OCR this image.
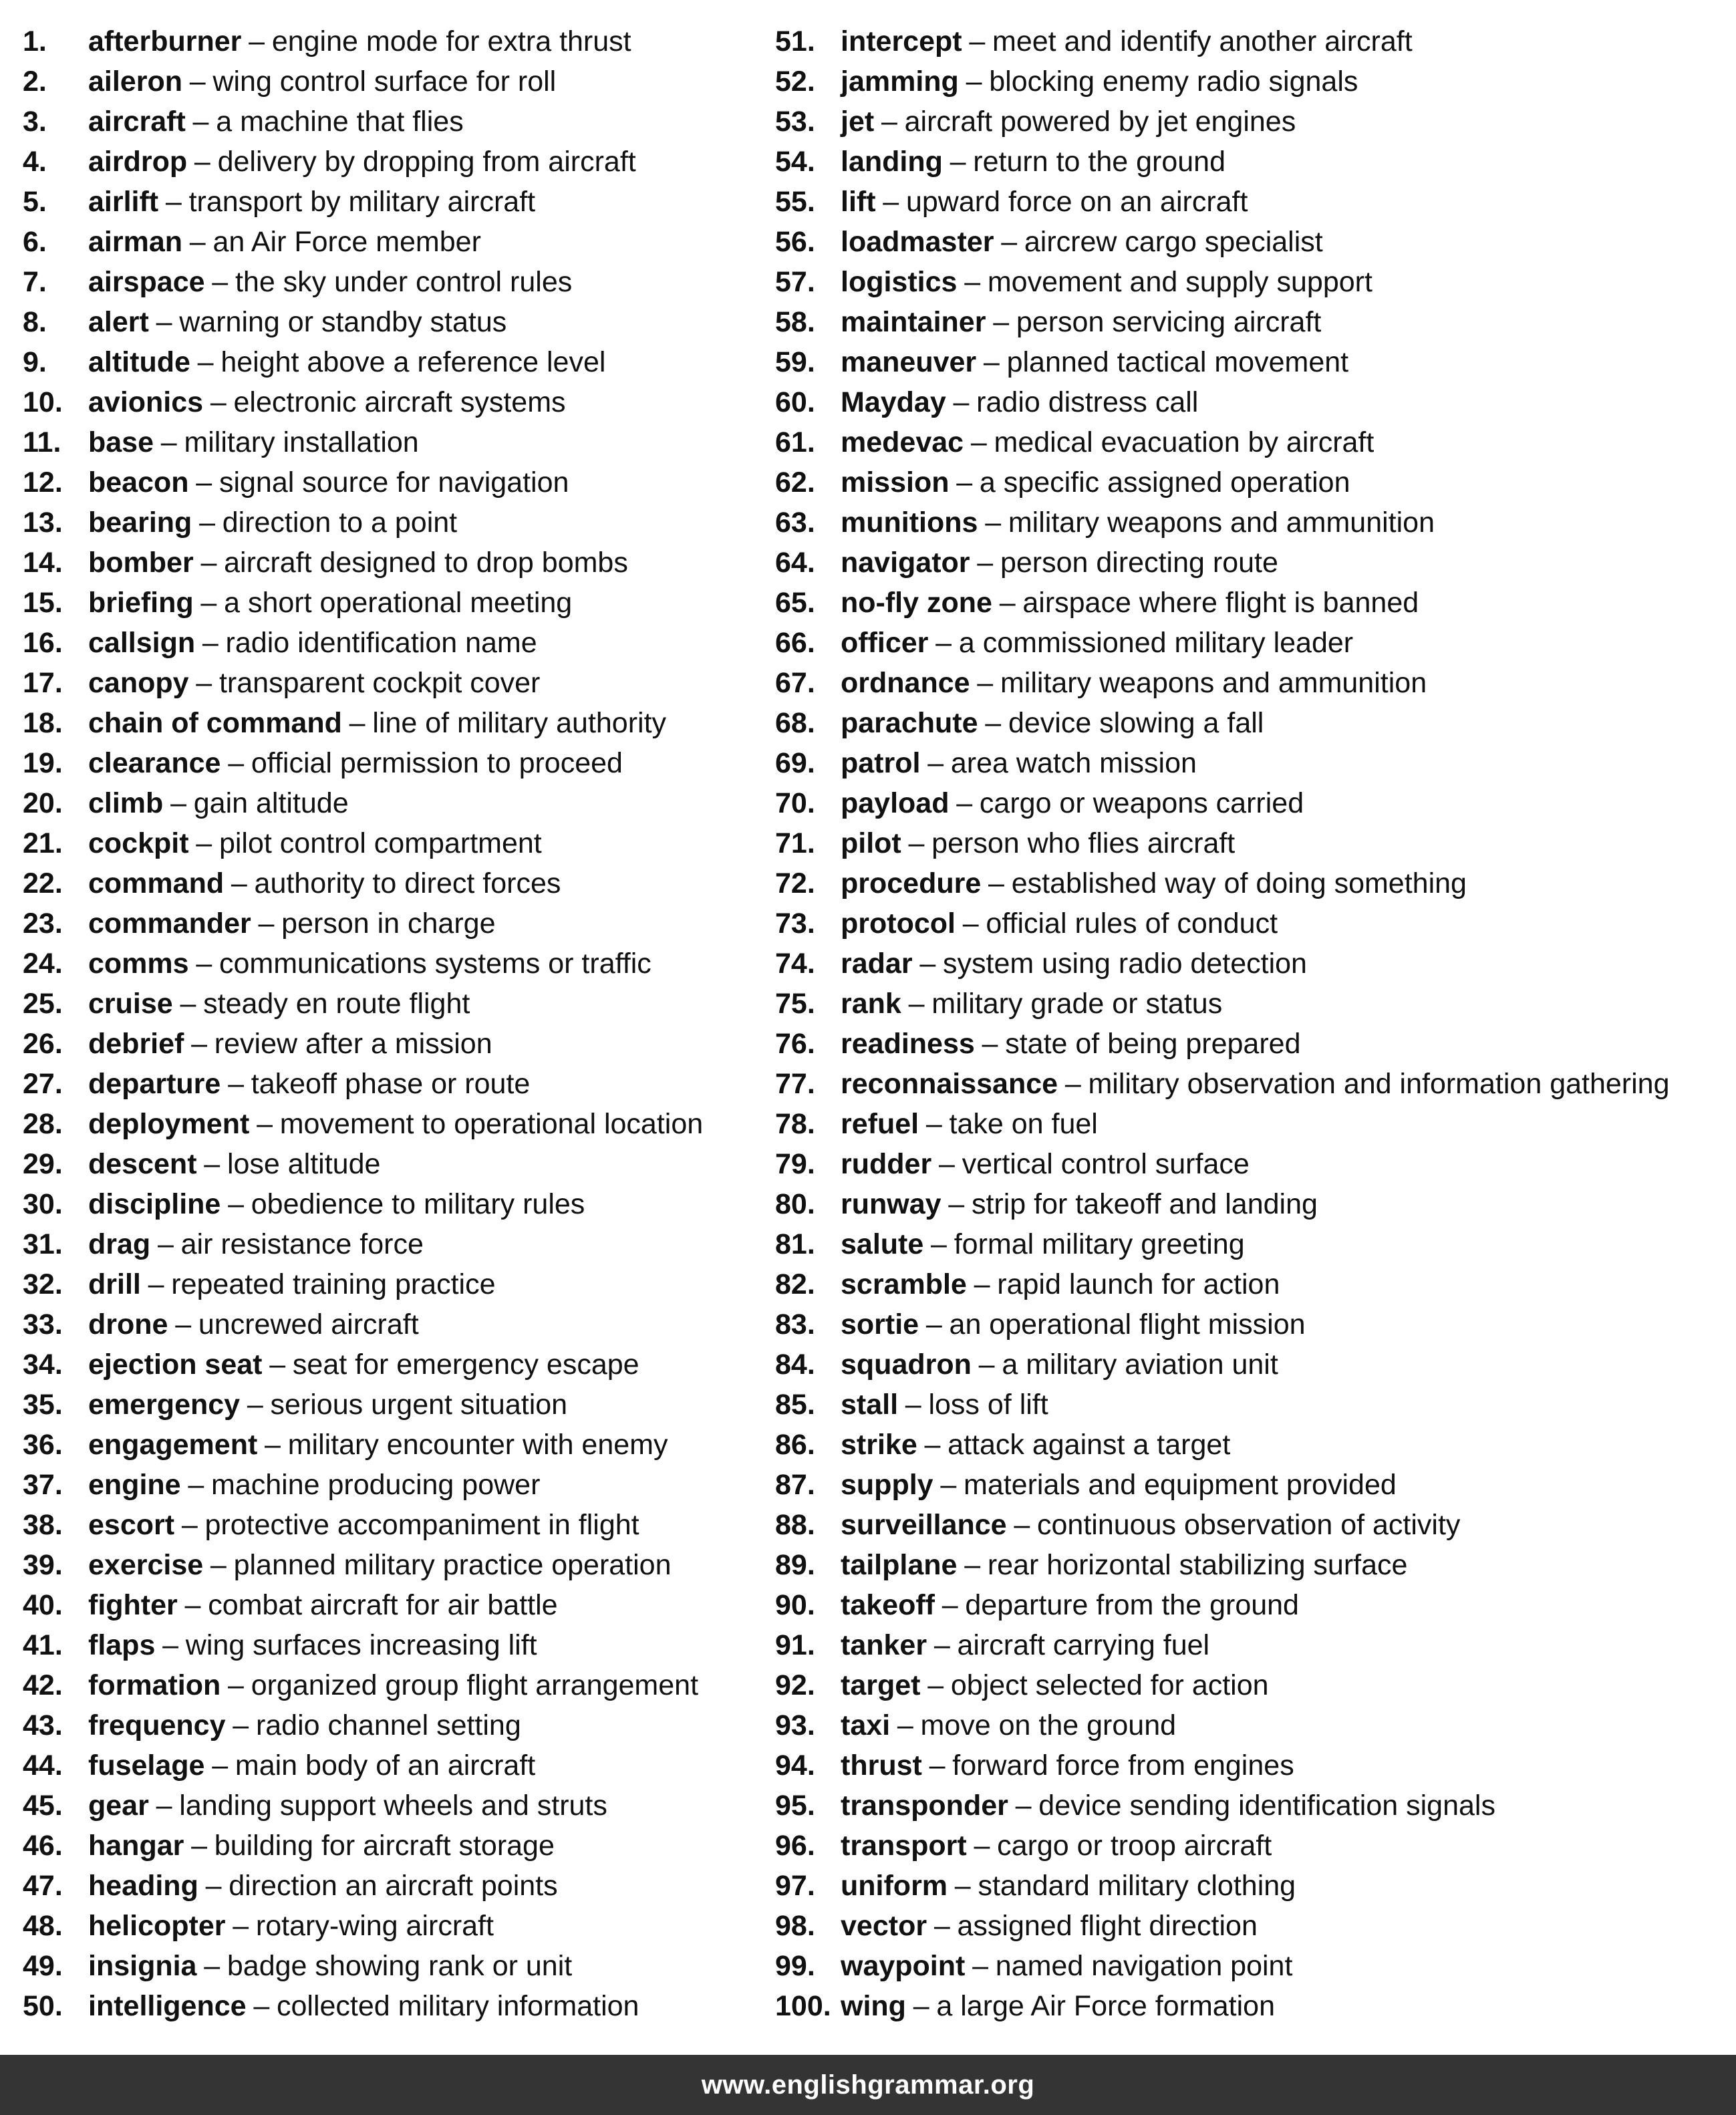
1.	afterburner – engine mode for extra thrust
2.	aileron – wing control surface for roll
3.	aircraft – a machine that flies
4.	airdrop – delivery by dropping from aircraft
5.	airlift – transport by military aircraft
6.	airman – an Air Force member
7.	airspace – the sky under control rules
8.	alert – warning or standby status
9.	altitude – height above a reference level
10. avionics – electronic aircraft systems
11. base – military installation
12. beacon – signal source for navigation
13. bearing – direction to a point
14. bomber – aircraft designed to drop bombs
15. briefing – a short operational meeting
16. callsign – radio identification name
17. canopy – transparent cockpit cover
18. chain of command – line of military authority
19. clearance – official permission to proceed
20. climb – gain altitude
21. cockpit – pilot control compartment
22. command – authority to direct forces
23. commander – person in charge
24. comms – communications systems or traffic
25. cruise – steady en route flight
26. debrief – review after a mission
27. departure – takeoff phase or route
28. deployment – movement to operational location
29. descent – lose altitude
30. discipline – obedience to military rules
31. drag – air resistance force
32. drill – repeated training practice
33. drone – uncrewed aircraft
34. ejection seat – seat for emergency escape
35. emergency – serious urgent situation
36. engagement – military encounter with enemy
37. engine – machine producing power
38. escort – protective accompaniment in flight
39. exercise – planned military practice operation
40. fighter – combat aircraft for air battle
41. flaps – wing surfaces increasing lift
42. formation – organized group flight arrangement
43. frequency – radio channel setting
44. fuselage – main body of an aircraft
45. gear – landing support wheels and struts
46. hangar – building for aircraft storage
47. heading – direction an aircraft points
48. helicopter – rotary-wing aircraft
49. insignia – badge showing rank or unit
50. intelligence – collected military information
51. intercept – meet and identify another aircraft
52. jamming – blocking enemy radio signals
53. jet – aircraft powered by jet engines
54. landing – return to the ground
55. lift – upward force on an aircraft
56. loadmaster – aircrew cargo specialist
57. logistics – movement and supply support
58. maintainer – person servicing aircraft
59. maneuver – planned tactical movement
60. Mayday – radio distress call
61. medevac – medical evacuation by aircraft
62. mission – a specific assigned operation
63. munitions – military weapons and ammunition
64. navigator – person directing route
65. no-fly zone – airspace where flight is banned
66. officer – a commissioned military leader
67. ordnance – military weapons and ammunition
68. parachute – device slowing a fall
69. patrol – area watch mission
70. payload – cargo or weapons carried
71. pilot – person who flies aircraft
72. procedure – established way of doing something
73. protocol – official rules of conduct
74. radar – system using radio detection
75. rank – military grade or status
76. readiness – state of being prepared
77. reconnaissance – military observation and information gathering
78. refuel – take on fuel
79. rudder – vertical control surface
80. runway – strip for takeoff and landing
81. salute – formal military greeting
82. scramble – rapid launch for action
83. sortie – an operational flight mission
84. squadron – a military aviation unit
85. stall – loss of lift
86. strike – attack against a target
87. supply – materials and equipment provided
88. surveillance – continuous observation of activity
89. tailplane – rear horizontal stabilizing surface
90. takeoff – departure from the ground
91. tanker – aircraft carrying fuel
92. target – object selected for action
93. taxi – move on the ground
94. thrust – forward force from engines
95. transponder – device sending identification signals
96. transport – cargo or troop aircraft
97. uniform – standard military clothing
98. vector – assigned flight direction
99. waypoint – named navigation point
100. wing – a large Air Force formation
www.englishgrammar.org
